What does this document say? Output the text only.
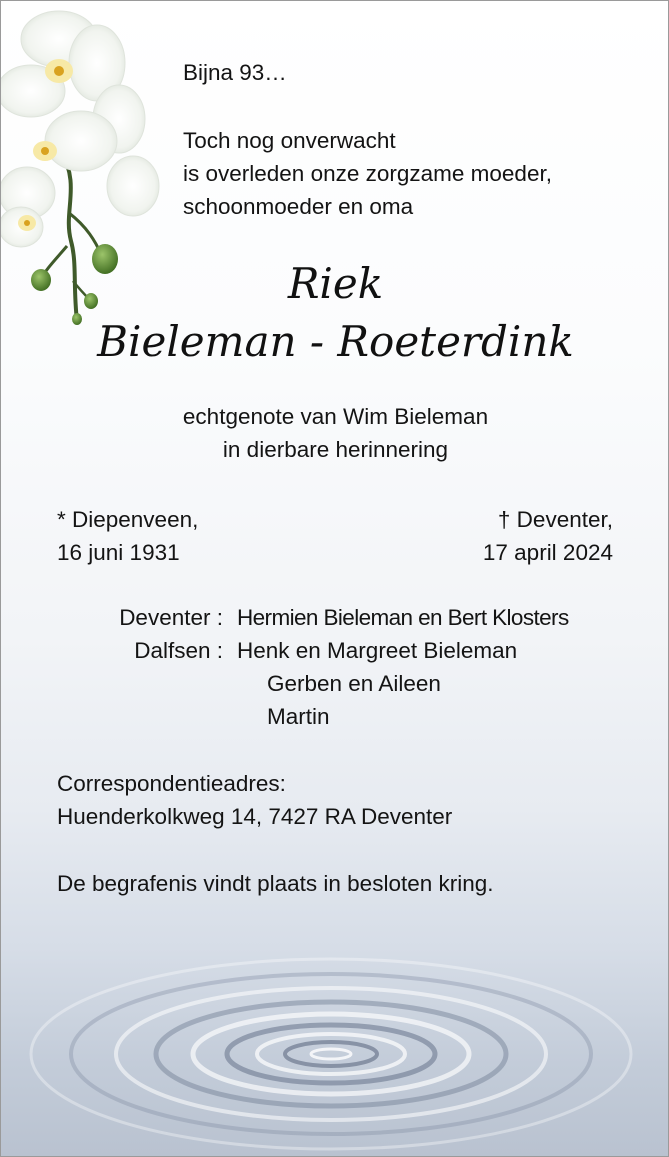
Bijna 93…

Toch nog onverwacht

is overleden onze zorgzame moeder,

schoonmoeder en oma

Riek
Bieleman - Roeterdink

echtgenote van Wim Bieleman

in dierbare herinnering

* Diepenveen,

16 juni 1931

† Deventer,

17 april 2024

Deventer : Hermien Bieleman en Bert Klosters

Dalfsen : Henk en Margreet Bieleman

Gerben en Aileen

Martin

Correspondentieadres:

Huenderkolkweg 14, 7427 RA Deventer

De begrafenis vindt plaats in besloten kring.
